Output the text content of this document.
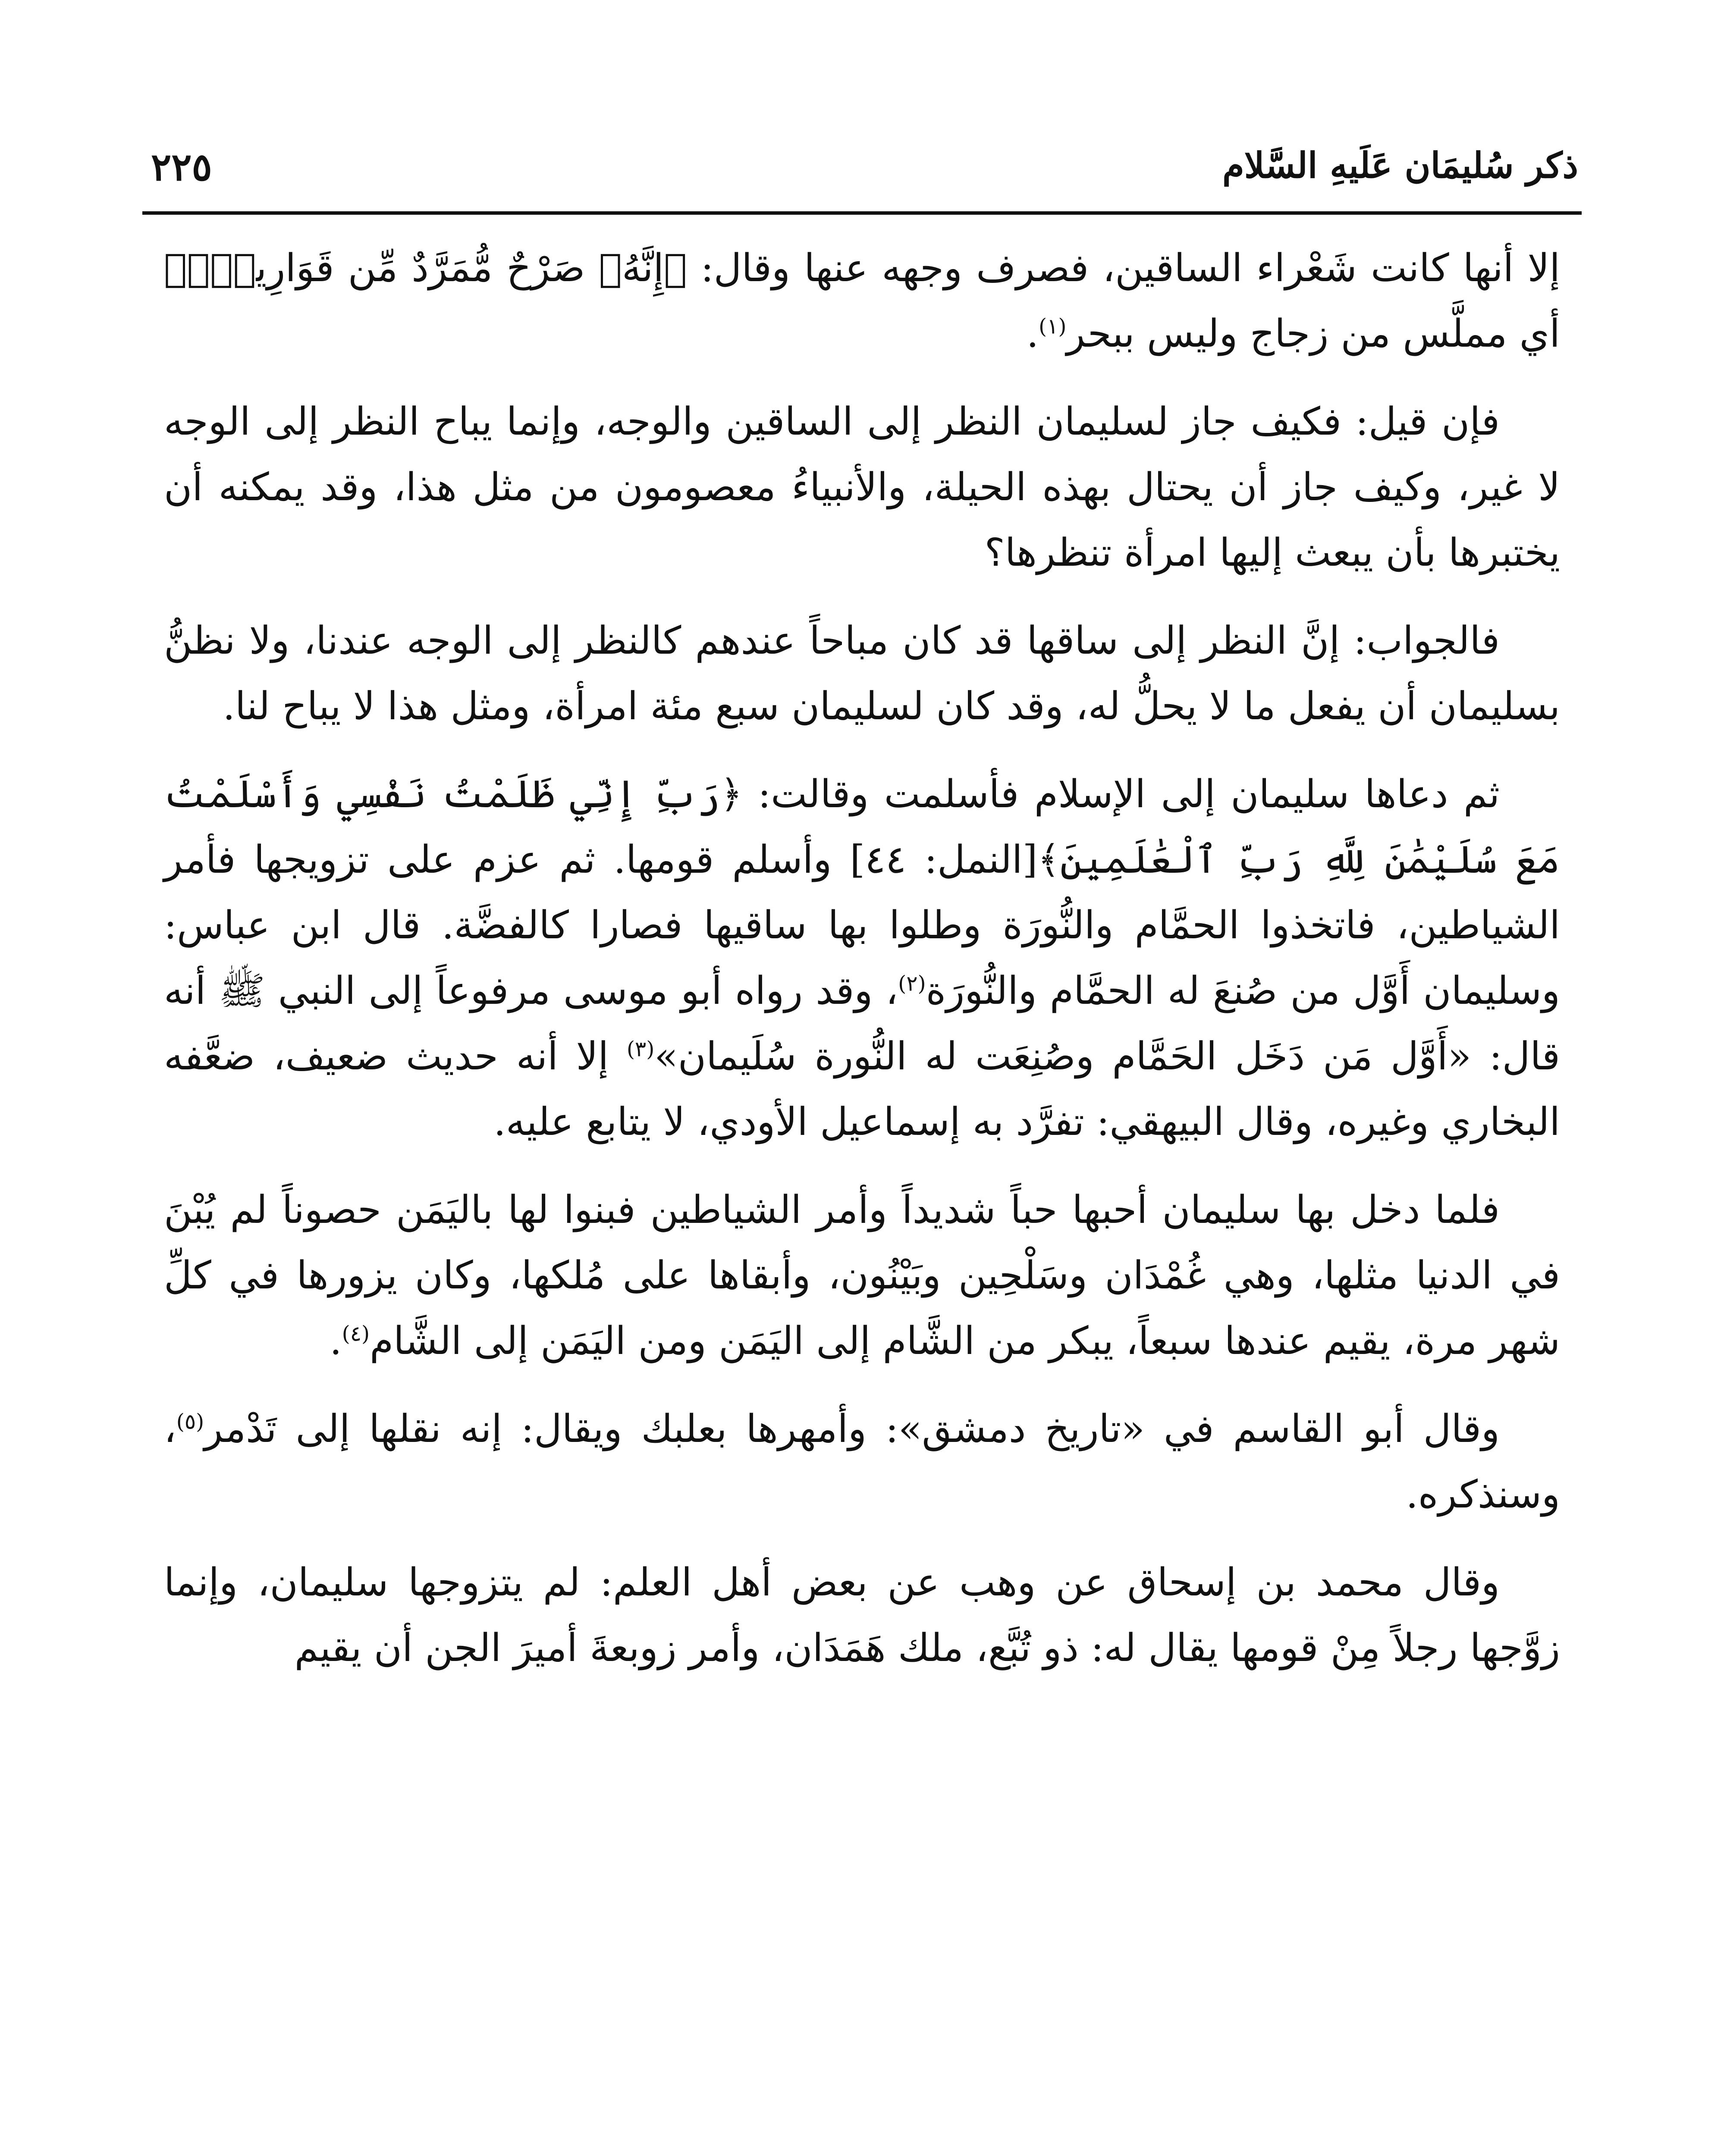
ذكر سُليمَان عَلَيهِ السَّلام
٢٢٥

إلا أنها كانت شَعْراء الساقين، فصرف وجهه عنها وقال: ﴿إِنَّهُۥ صَرْحٌ مُّمَرَّدٌ مِّن قَوَارِيرَۗ﴾ أي مملَّس من زجاج وليس ببحر$^{(١)}$.

فإن قيل: فكيف جاز لسليمان النظر إلى الساقين والوجه، وإنما يباح النظر إلى الوجه لا غير، وكيف جاز أن يحتال بهذه الحيلة، والأنبياءُ معصومون من مثل هذا، وقد يمكنه أن يختبرها بأن يبعث إليها امرأة تنظرها؟

فالجواب: إنَّ النظر إلى ساقها قد كان مباحاً عندهم كالنظر إلى الوجه عندنا، ولا نظنُّ بسليمان أن يفعل ما لا يحلُّ له، وقد كان لسليمان سبع مئة امرأة، ومثل هذا لا يباح لنا.

ثم دعاها سليمان إلى الإسلام فأسلمت وقالت: ﴿رَبِّ إِنِّي ظَلَمْتُ نَفْسِي وَأَسْلَمْتُ مَعَ سُلَيْمَٰنَ لِلَّهِ رَبِّ ٱلْعَٰلَمِينَ﴾[النمل: ٤٤] وأسلم قومها. ثم عزم على تزويجها فأمر الشياطين، فاتخذوا الحمَّام والنُّورَة وطلوا بها ساقيها فصارا كالفضَّة. قال ابن عباس: وسليمان أَوَّل من صُنعَ له الحمَّام والنُّورَة$^{(٢)}$، وقد رواه أبو موسى مرفوعاً إلى النبي ﷺ أنه قال: «أَوَّل مَن دَخَل الحَمَّام وصُنِعَت له النُّورة سُلَيمان»$^{(٣)}$ إلا أنه حديث ضعيف، ضعَّفه البخاري وغيره، وقال البيهقي: تفرَّد به إسماعيل الأودي، لا يتابع عليه.

فلما دخل بها سليمان أحبها حباً شديداً وأمر الشياطين فبنوا لها باليَمَن حصوناً لم يُبْنَ في الدنيا مثلها، وهي غُمْدَان وسَلْحِين وبَيْنُون، وأبقاها على مُلكها، وكان يزورها في كلِّ شهر مرة، يقيم عندها سبعاً، يبكر من الشَّام إلى اليَمَن ومن اليَمَن إلى الشَّام$^{(٤)}$.

وقال أبو القاسم في «تاريخ دمشق»: وأمهرها بعلبك ويقال: إنه نقلها إلى تَدْمر$^{(٥)}$، وسنذكره.

وقال محمد بن إسحاق عن وهب عن بعض أهل العلم: لم يتزوجها سليمان، وإنما زوَّجها رجلاً مِنْ قومها يقال له: ذو تُبَّع، ملك هَمَدَان، وأمر زوبعةَ أميرَ الجن أن يقيم
